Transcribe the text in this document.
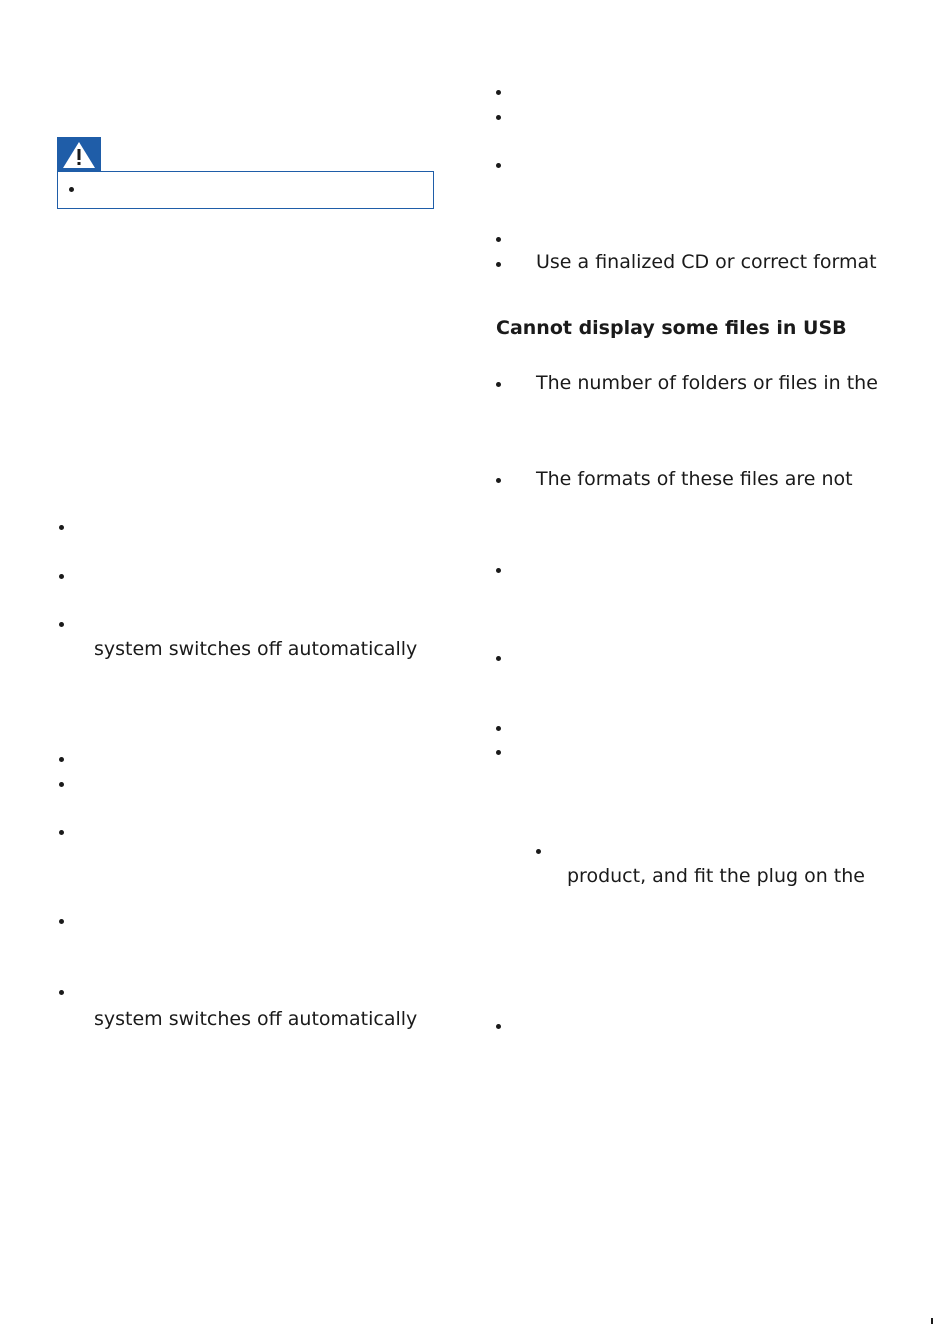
system switches off automatically
system switches off automatically
Use a finalized CD or correct format
Cannot display some files in USB
The number of folders or files in the
The formats of these files are not
product, and fit the plug on the
